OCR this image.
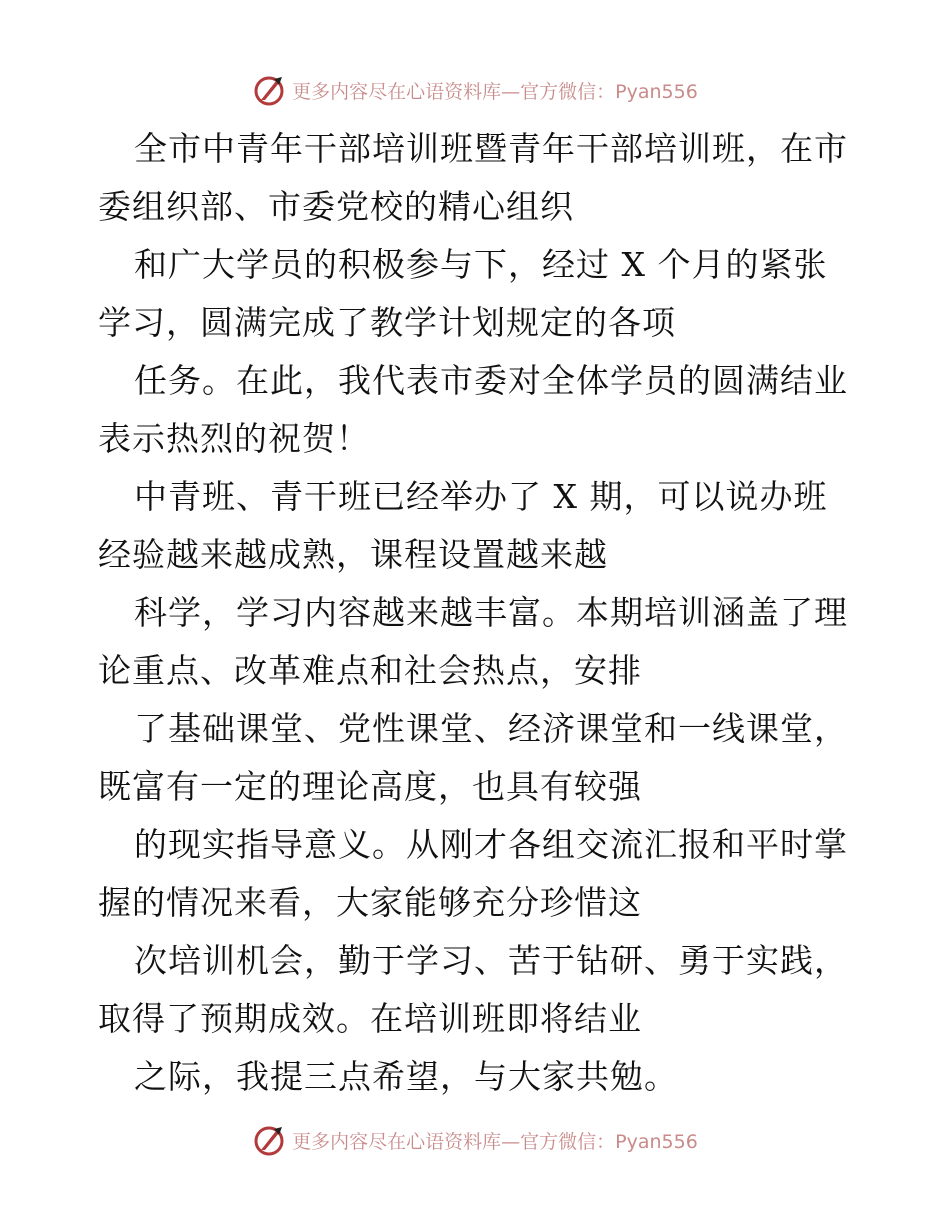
更多内容尽在心语资料库—官方微信：Pyan556

全市中青年干部培训班暨青年干部培训班，在市
委组织部、市委党校的精心组织

和广大学员的积极参与下，经过 X 个月的紧张
学习，圆满完成了教学计划规定的各项

任务。在此，我代表市委对全体学员的圆满结业
表示热烈的祝贺！

中青班、青干班已经举办了 X 期，可以说办班
经验越来越成熟，课程设置越来越

科学，学习内容越来越丰富。本期培训涵盖了理
论重点、改革难点和社会热点，安排

了基础课堂、党性课堂、经济课堂和一线课堂，
既富有一定的理论高度，也具有较强

的现实指导意义。从刚才各组交流汇报和平时掌
握的情况来看，大家能够充分珍惜这

次培训机会，勤于学习、苦于钻研、勇于实践，
取得了预期成效。在培训班即将结业

之际，我提三点希望，与大家共勉。

更多内容尽在心语资料库—官方微信：Pyan556
